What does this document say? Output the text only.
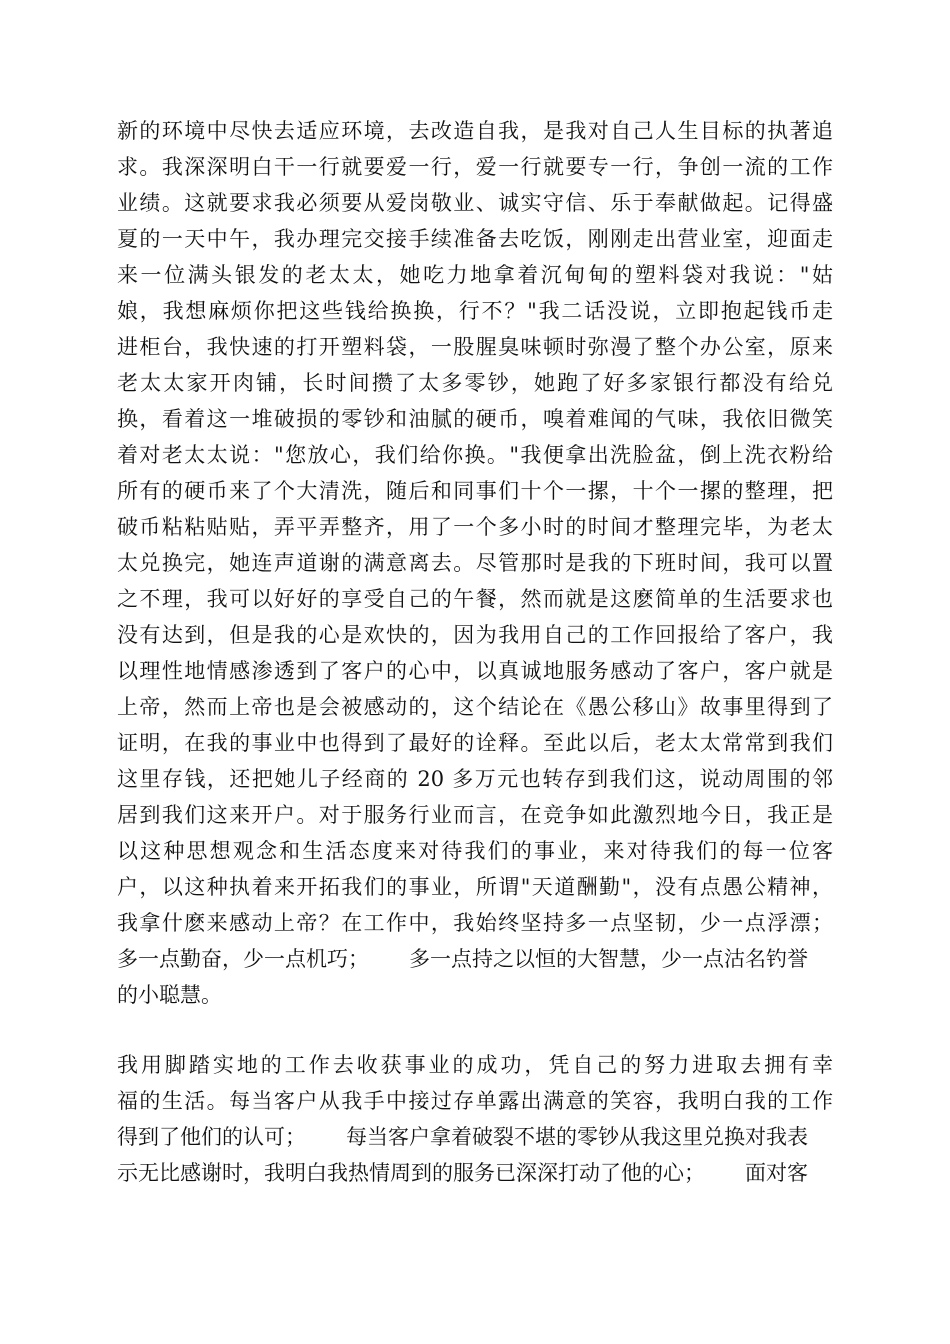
新的环境中尽快去适应环境，去改造自我，是我对自己人生目标的执著追
求。我深深明白干一行就要爱一行，爱一行就要专一行，争创一流的工作
业绩。这就要求我必须要从爱岗敬业、诚实守信、乐于奉献做起。记得盛
夏的一天中午，我办理完交接手续准备去吃饭，刚刚走出营业室，迎面走
来一位满头银发的老太太，她吃力地拿着沉甸甸的塑料袋对我说："姑
娘，我想麻烦你把这些钱给换换，行不？"我二话没说，立即抱起钱币走
进柜台，我快速的打开塑料袋，一股腥臭味顿时弥漫了整个办公室，原来
老太太家开肉铺，长时间攒了太多零钞，她跑了好多家银行都没有给兑
换，看着这一堆破损的零钞和油腻的硬币，嗅着难闻的气味，我依旧微笑
着对老太太说："您放心，我们给你换。"我便拿出洗脸盆，倒上洗衣粉给
所有的硬币来了个大清洗，随后和同事们十个一摞，十个一摞的整理，把
破币粘粘贴贴，弄平弄整齐，用了一个多小时的时间才整理完毕，为老太
太兑换完，她连声道谢的满意离去。尽管那时是我的下班时间，我可以置
之不理，我可以好好的享受自己的午餐，然而就是这麽简单的生活要求也
没有达到，但是我的心是欢快的，因为我用自己的工作回报给了客户，我
以理性地情感渗透到了客户的心中，以真诚地服务感动了客户，客户就是
上帝，然而上帝也是会被感动的，这个结论在《愚公移山》故事里得到了
证明，在我的事业中也得到了最好的诠释。至此以后，老太太常常到我们
这里存钱，还把她儿子经商的 20 多万元也转存到我们这，说动周围的邻
居到我们这来开户。对于服务行业而言，在竞争如此激烈地今日，我正是
以这种思想观念和生活态度来对待我们的事业，来对待我们的每一位客
户，以这种执着来开拓我们的事业，所谓"天道酬勤"，没有点愚公精神，
我拿什麽来感动上帝？在工作中，我始终坚持多一点坚韧，少一点浮漂；
多一点勤奋，少一点机巧；      多一点持之以恒的大智慧，少一点沽名钓誉
的小聪慧。
我用脚踏实地的工作去收获事业的成功，凭自己的努力进取去拥有幸
福的生活。每当客户从我手中接过存单露出满意的笑容，我明白我的工作
得到了他们的认可；      每当客户拿着破裂不堪的零钞从我这里兑换对我表
示无比感谢时，我明白我热情周到的服务已深深打动了他的心；      面对客
